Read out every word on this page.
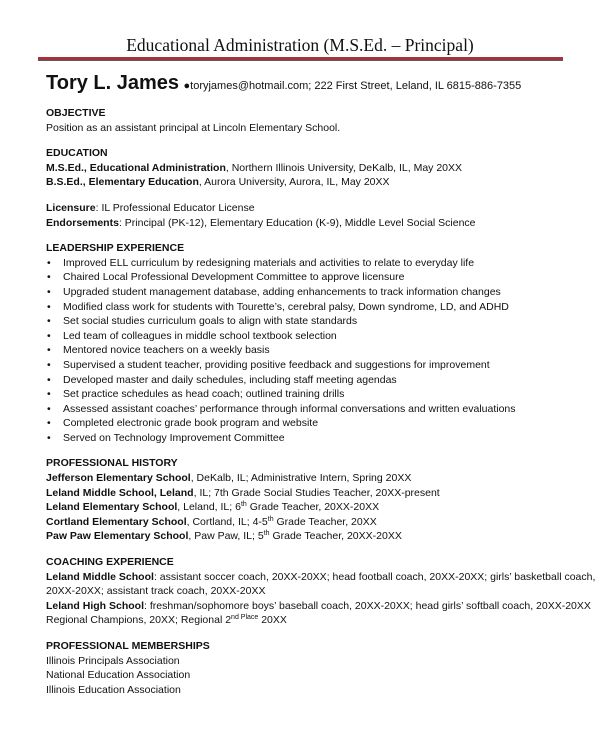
Educational Administration (M.S.Ed. – Principal)
Tory L. James ●toryjames@hotmail.com; 222 First Street, Leland, IL 6815-886-7355
OBJECTIVE
Position as an assistant principal at Lincoln Elementary School.
EDUCATION
M.S.Ed., Educational Administration, Northern Illinois University, DeKalb, IL, May 20XX
B.S.Ed., Elementary Education, Aurora University, Aurora, IL, May 20XX
Licensure: IL Professional Educator License
Endorsements: Principal (PK-12), Elementary Education (K-9), Middle Level Social Science
LEADERSHIP EXPERIENCE
• Improved ELL curriculum by redesigning materials and activities to relate to everyday life
• Chaired Local Professional Development Committee to approve licensure
• Upgraded student management database, adding enhancements to track information changes
• Modified class work for students with Tourette’s, cerebral palsy, Down syndrome, LD, and ADHD
• Set social studies curriculum goals to align with state standards
• Led team of colleagues in middle school textbook selection
• Mentored novice teachers on a weekly basis
• Supervised a student teacher, providing positive feedback and suggestions for improvement
• Developed master and daily schedules, including staff meeting agendas
• Set practice schedules as head coach; outlined training drills
• Assessed assistant coaches’ performance through informal conversations and written evaluations
• Completed electronic grade book program and website
• Served on Technology Improvement Committee
PROFESSIONAL HISTORY
Jefferson Elementary School, DeKalb, IL; Administrative Intern, Spring 20XX
Leland Middle School, Leland, IL; 7th Grade Social Studies Teacher, 20XX-present
Leland Elementary School, Leland, IL; 6th Grade Teacher, 20XX-20XX
Cortland Elementary School, Cortland, IL; 4-5th Grade Teacher, 20XX
Paw Paw Elementary School, Paw Paw, IL; 5th Grade Teacher, 20XX-20XX
COACHING EXPERIENCE
Leland Middle School: assistant soccer coach, 20XX-20XX; head football coach, 20XX-20XX; girls’ basketball coach,
20XX-20XX; assistant track coach, 20XX-20XX
Leland High School: freshman/sophomore boys’ baseball coach, 20XX-20XX; head girls’ softball coach, 20XX-20XX
Regional Champions, 20XX; Regional $2^{nd Place}$ 20XX
PROFESSIONAL MEMBERSHIPS
Illinois Principals Association
National Education Association
Illinois Education Association
